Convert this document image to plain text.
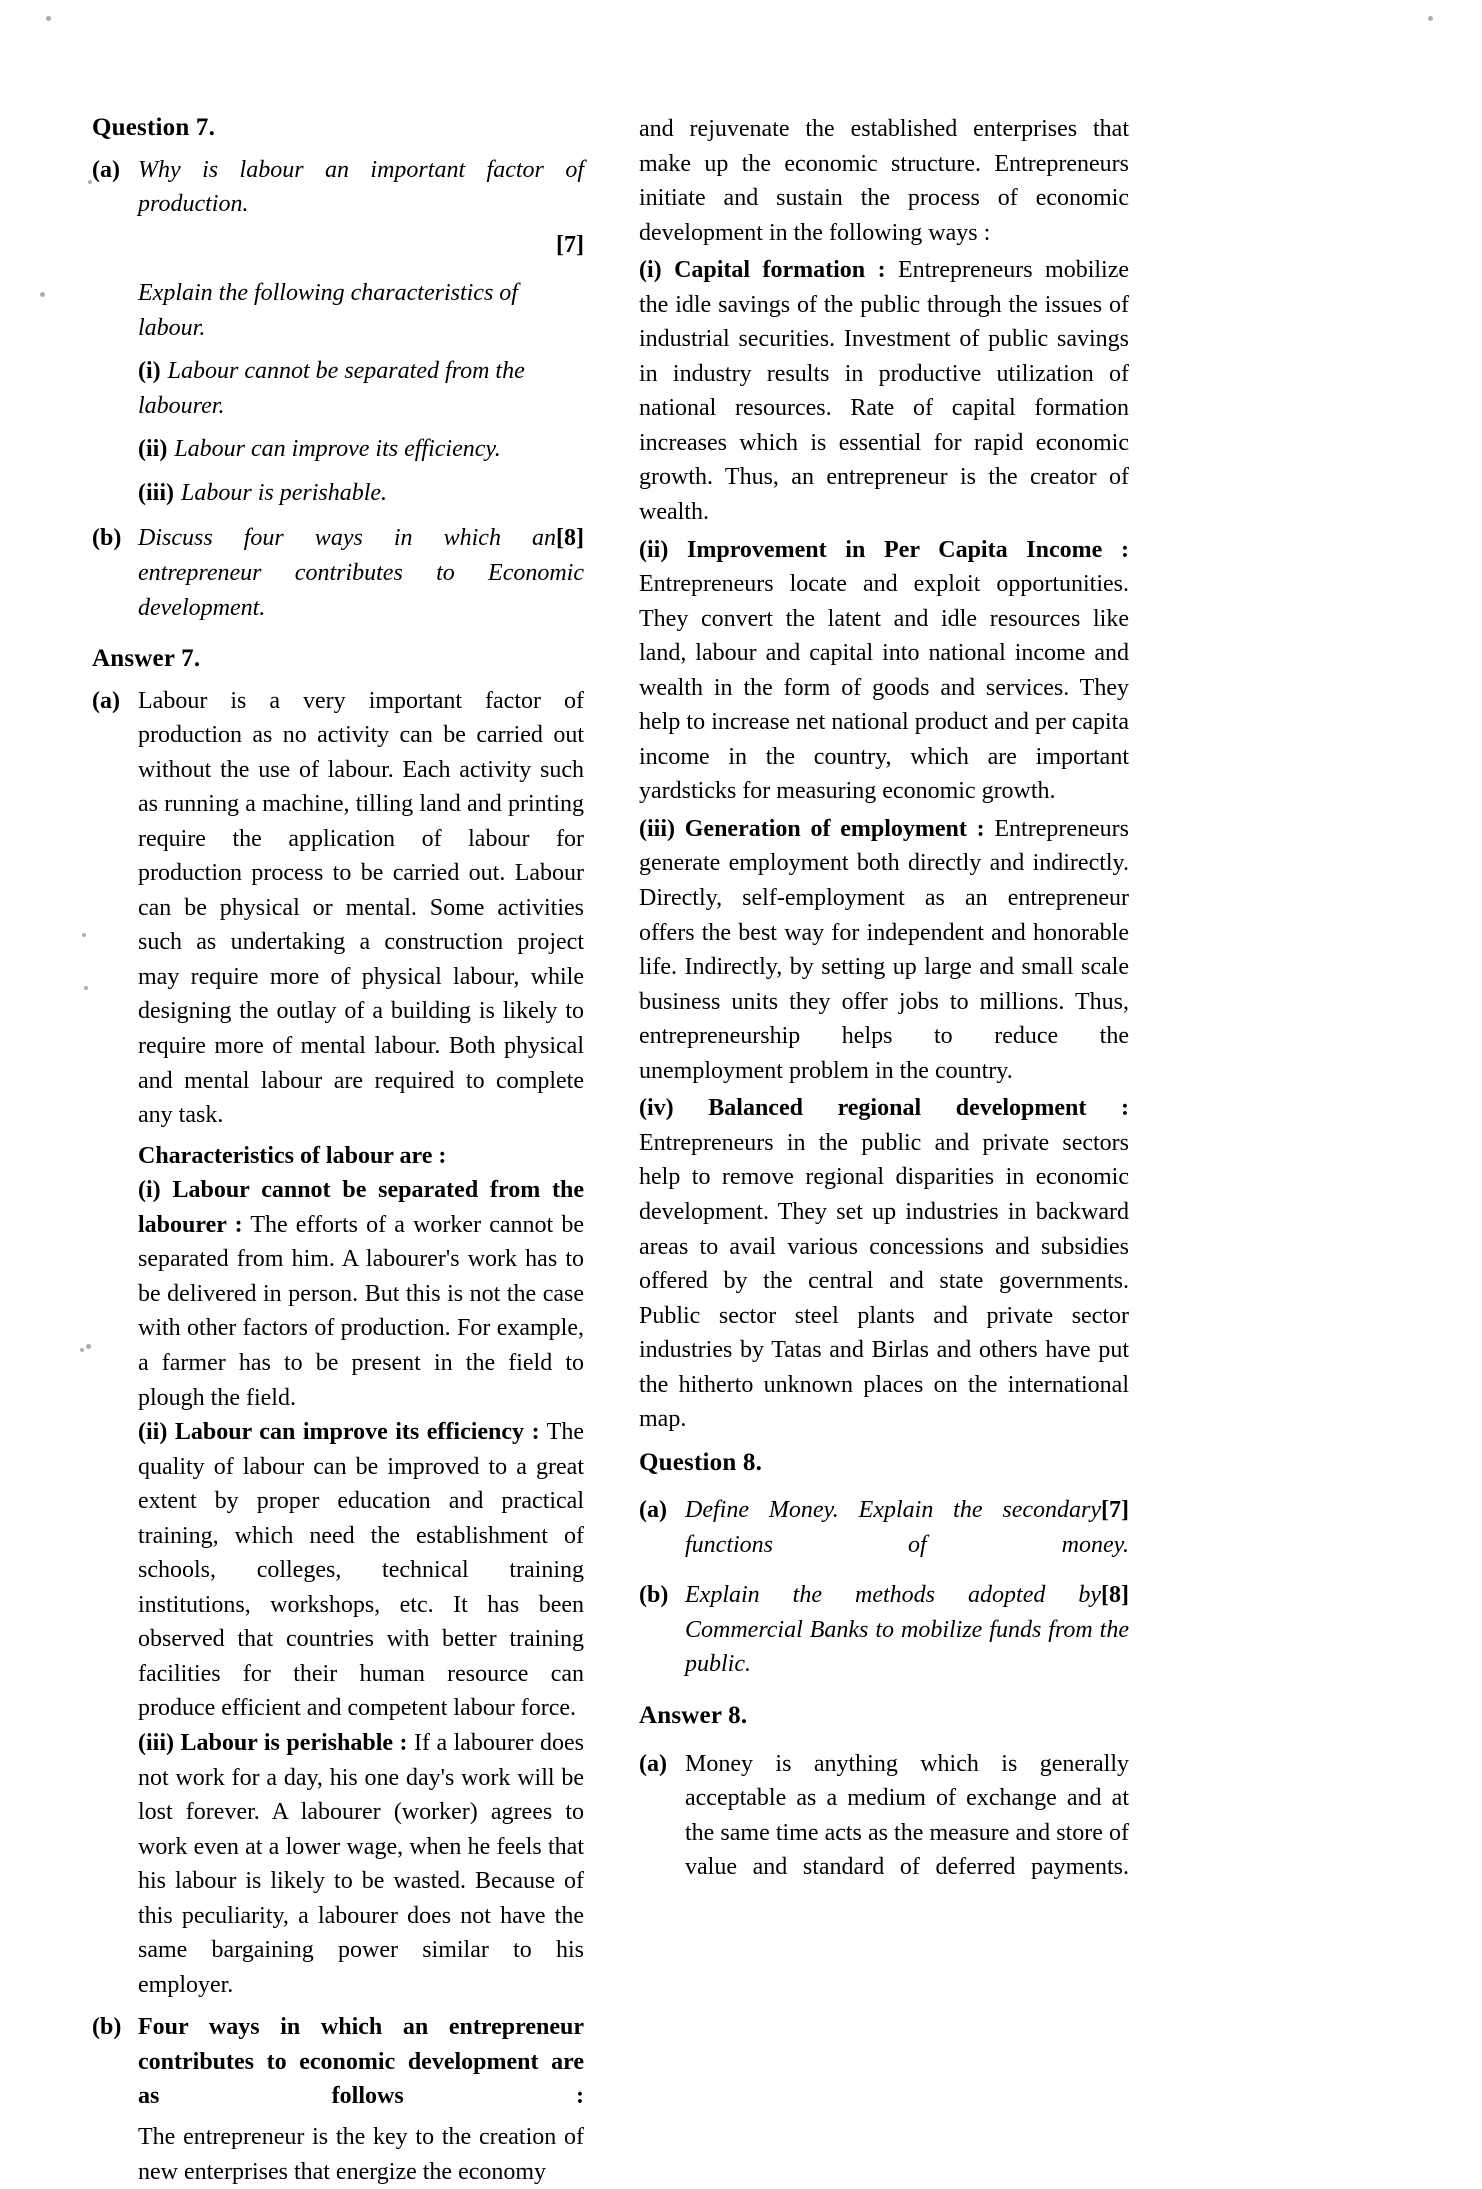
Question 7.
(a) Why is labour an important factor of production.
[7]
Explain the following characteristics of labour.
(i) Labour cannot be separated from the labourer.
(ii) Labour can improve its efficiency.
(iii) Labour is perishable.
(b)	[8]
Discuss four ways in which an entrepreneur contributes to Economic development.
Answer 7.
(a) Labour is a very important factor of production as no activity can be carried out without the use of labour. Each activity such as running a machine, tilling land and printing require the application of labour for production process to be carried out. Labour can be physical or mental. Some activities such as undertaking a construction project may require more of physical labour, while designing the outlay of a building is likely to require more of mental labour. Both physical and mental labour are required to complete any task.
Characteristics of labour are :
(i) Labour cannot be separated from the labourer : The efforts of a worker cannot be separated from him. A labourer's work has to be delivered in person. But this is not the case with other factors of production. For example, a farmer has to be present in the field to plough the field.
(ii) Labour can improve its efficiency : The quality of labour can be improved to a great extent by proper education and practical training, which need the establishment of schools, colleges, technical training institutions, workshops, etc. It has been observed that countries with better training facilities for their human resource can produce efficient and competent labour force.
(iii) Labour is perishable : If a labourer does not work for a day, his one day's work will be lost forever. A labourer (worker) agrees to work even at a lower wage, when he feels that his labour is likely to be wasted. Because of this peculiarity, a labourer does not have the same bargaining power similar to his employer.
(b) Four ways in which an entrepreneur contributes to economic development are as follows :
The entrepreneur is the key to the creation of new enterprises that energize the economy
and rejuvenate the established enterprises that make up the economic structure. Entrepreneurs initiate and sustain the process of economic development in the following ways :
(i) Capital formation : Entrepreneurs mobilize the idle savings of the public through the issues of industrial securities. Investment of public savings in industry results in productive utilization of national resources. Rate of capital formation increases which is essential for rapid economic growth. Thus, an entrepreneur is the creator of wealth.
(ii) Improvement in Per Capita Income : Entrepreneurs locate and exploit opportunities. They convert the latent and idle resources like land, labour and capital into national income and wealth in the form of goods and services. They help to increase net national product and per capita income in the country, which are important yardsticks for measuring economic growth.
(iii) Generation of employment : Entrepreneurs generate employment both directly and indirectly. Directly, self-employment as an entrepreneur offers the best way for independent and honorable life. Indirectly, by setting up large and small scale business units they offer jobs to millions. Thus, entrepreneurship helps to reduce the unemployment problem in the country.
(iv) Balanced regional development : Entrepreneurs in the public and private sectors help to remove regional disparities in economic development. They set up industries in backward areas to avail various concessions and subsidies offered by the central and state governments. Public sector steel plants and private sector industries by Tatas and Birlas and others have put the hitherto unknown places on the international map.
Question 8.
(a)	[7]
Define Money. Explain the secondary functions of money.
(b)	[8]
Explain the methods adopted by Commercial Banks to mobilize funds from the public.
Answer 8.
(a) Money is anything which is generally acceptable as a medium of exchange and at the same time acts as the measure and store of value and standard of deferred payments.
